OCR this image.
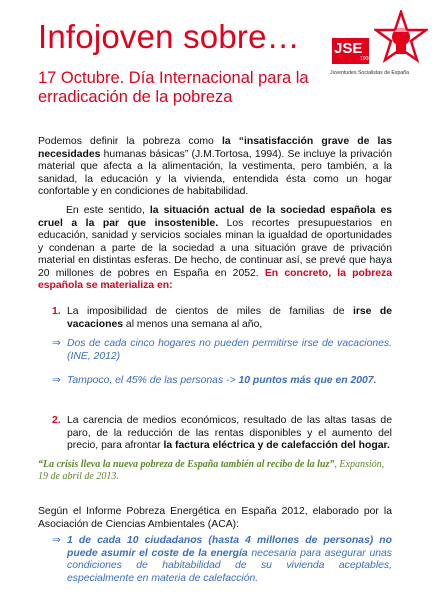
Infojoven sobre…
17 Octubre. Día Internacional para la erradicación de la pobreza
JSE
1906
Juventudes Socialistas de España
Podemos definir la pobreza como la “insatisfacción grave de las necesidades humanas básicas” (J.M.Tortosa, 1994). Se incluye la privación material que afecta a la alimentación, la vestimenta, pero también, a la sanidad, la educación y la vivienda, entendida ésta como un hogar confortable y en condiciones de habitabilidad.
En este sentido, la situación actual de la sociedad española es cruel a la par que insostenible. Los recortes presupuestarios en educación, sanidad y servicios sociales minan la igualdad de oportunidades y condenan a parte de la sociedad a una situación grave de privación material en distintas esferas. De hecho, de continuar así, se prevé que haya 20 millones de pobres en España en 2052. En concreto, la pobreza española se materializa en:
1. La imposibilidad de cientos de miles de familias de irse de vacaciones al menos una semana al año,
⇒ Dos de cada cinco hogares no pueden permitirse irse de vacaciones.(INE, 2012)
⇒ Tampoco, el 45% de las personas -> 10 puntos más que en 2007.
2. La carencia de medios económicos, resultado de las altas tasas de paro, de la reducción de las rentas disponibles y el aumento del precio, para afrontar la factura eléctrica y de calefacción del hogar.
“La crisis lleva la nueva pobreza de España también al recibo de la luz”, Expansión, 19 de abril de 2013.
Según el Informe Pobreza Energética en España 2012, elaborado por la Asociación de Ciencias Ambientales (ACA):
⇒ 1 de cada 10 ciudadanos (hasta 4 millones de personas) no puede asumir el coste de la energía necesaria para asegurar unas condiciones de habitabilidad de su vivienda aceptables, especialmente en materia de calefacción.
